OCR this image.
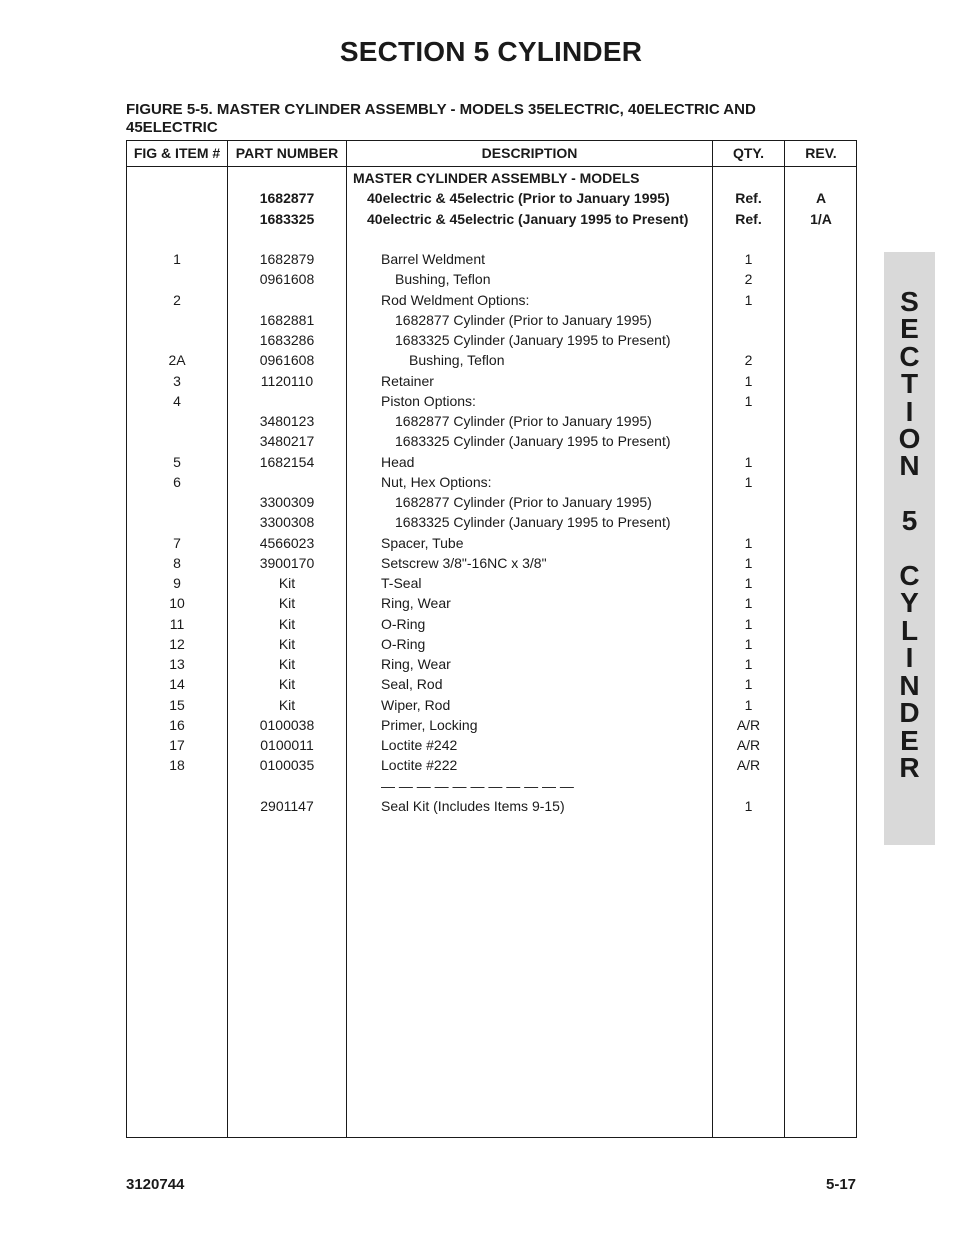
SECTION 5 CYLINDER
FIGURE 5-5. MASTER CYLINDER ASSEMBLY - MODELS 35ELECTRIC, 40ELECTRIC AND 45ELECTRIC
FIG & ITEM #	PART NUMBER	DESCRIPTION	QTY.	REV.
MASTER CYLINDER ASSEMBLY - MODELS
1682877	40electric & 45electric (Prior to January 1995)	Ref.	A
1683325	40electric & 45electric (January 1995 to Present)	Ref.	1/A
1	1682879	Barrel Weldment	1
0961608	Bushing, Teflon	2
2	Rod Weldment Options:	1
1682881	1682877 Cylinder (Prior to January 1995)
1683286	1683325 Cylinder (January 1995 to Present)
2A	0961608	Bushing, Teflon	2
3	1120110	Retainer	1
4	Piston Options:	1
3480123	1682877 Cylinder (Prior to January 1995)
3480217	1683325 Cylinder (January 1995 to Present)
5	1682154	Head	1
6	Nut, Hex Options:	1
3300309	1682877 Cylinder (Prior to January 1995)
3300308	1683325 Cylinder (January 1995 to Present)
7	4566023	Spacer, Tube	1
8	3900170	Setscrew 3/8"-16NC x 3/8"	1
9	Kit	T-Seal	1
10	Kit	Ring, Wear	1
11	Kit	O-Ring	1
12	Kit	O-Ring	1
13	Kit	Ring, Wear	1
14	Kit	Seal, Rod	1
15	Kit	Wiper, Rod	1
16	0100038	Primer, Locking	A/R
17	0100011	Loctite #242	A/R
18	0100035	Loctite #222	A/R
— — — — — — — — — — —
2901147	Seal Kit (Includes Items 9-15)	1
S
E
C
T
I
O
N

5

C
Y
L
I
N
D
E
R
3120744	5-17
